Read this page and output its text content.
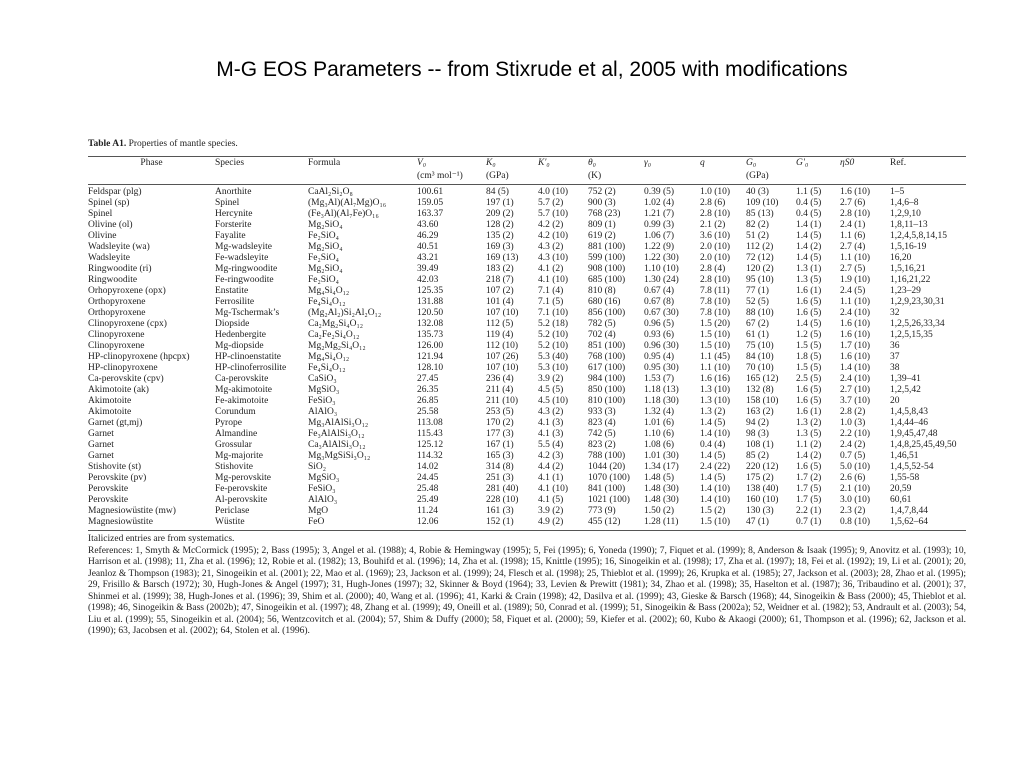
M-G EOS Parameters -- from Stixrude et al, 2005 with modifications
Table A1. Properties of mantle species.
Phase	Species	Formula	V₀	K₀	K′₀	θ₀	γ₀	q	G₀	G′₀	ηS0	Ref.
			(cm³ mol⁻¹)	(GPa)		(K)			(GPa)			
Feldspar (plg)	Anorthite	CaAl₂Si₂O₈	100.61	84 (5)	4.0 (10)	752 (2)	0.39 (5)	1.0 (10)	40 (3)	1.1 (5)	1.6 (10)	1–5
Spinel (sp)	Spinel	(Mg₃Al)(Al₇Mg)O₁₆	159.05	197 (1)	5.7 (2)	900 (3)	1.02 (4)	2.8 (6)	109 (10)	0.4 (5)	2.7 (6)	1,4,6–8
Spinel	Hercynite	(Fe₃Al)(Al₇Fe)O₁₆	163.37	209 (2)	5.7 (10)	768 (23)	1.21 (7)	2.8 (10)	85 (13)	0.4 (5)	2.8 (10)	1,2,9,10
Olivine (ol)	Forsterite	Mg₂SiO₄	43.60	128 (2)	4.2 (2)	809 (1)	0.99 (3)	2.1 (2)	82 (2)	1.4 (1)	2.4 (1)	1,8,11–13
Olivine	Fayalite	Fe₂SiO₄	46.29	135 (2)	4.2 (10)	619 (2)	1.06 (7)	3.6 (10)	51 (2)	1.4 (5)	1.1 (6)	1,2,4,5,8,14,15
Wadsleyite (wa)	Mg-wadsleyite	Mg₂SiO₄	40.51	169 (3)	4.3 (2)	881 (100)	1.22 (9)	2.0 (10)	112 (2)	1.4 (2)	2.7 (4)	1,5,16-19
Wadsleyite	Fe-wadsleyite	Fe₂SiO₄	43.21	169 (13)	4.3 (10)	599 (100)	1.22 (30)	2.0 (10)	72 (12)	1.4 (5)	1.1 (10)	16,20
Ringwoodite (ri)	Mg-ringwoodite	Mg₂SiO₄	39.49	183 (2)	4.1 (2)	908 (100)	1.10 (10)	2.8 (4)	120 (2)	1.3 (1)	2.7 (5)	1,5,16,21
Ringwoodite	Fe-ringwoodite	Fe₂SiO₄	42.03	218 (7)	4.1 (10)	685 (100)	1.30 (24)	2.8 (10)	95 (10)	1.3 (5)	1.9 (10)	1,16,21,22
Orhopyroxene (opx)	Enstatite	Mg₄Si₄O₁₂	125.35	107 (2)	7.1 (4)	810 (8)	0.67 (4)	7.8 (11)	77 (1)	1.6 (1)	2.4 (5)	1,23–29
Orthopyroxene	Ferrosilite	Fe₄Si₄O₁₂	131.88	101 (4)	7.1 (5)	680 (16)	0.67 (8)	7.8 (10)	52 (5)	1.6 (5)	1.1 (10)	1,2,9,23,30,31
Orthopyroxene	Mg-Tschermak’s	(Mg₂Al₂)Si₂Al₂O₁₂	120.50	107 (10)	7.1 (10)	856 (100)	0.67 (30)	7.8 (10)	88 (10)	1.6 (5)	2.4 (10)	32
Clinopyroxene (cpx)	Diopside	Ca₂Mg₂Si₄O₁₂	132.08	112 (5)	5.2 (18)	782 (5)	0.96 (5)	1.5 (20)	67 (2)	1.4 (5)	1.6 (10)	1,2,5,26,33,34
Clinopyroxene	Hedenbergite	Ca₂Fe₂Si₄O₁₂	135.73	119 (4)	5.2 (10)	702 (4)	0.93 (6)	1.5 (10)	61 (1)	1.2 (5)	1.6 (10)	1,2,5,15,35
Clinopyroxene	Mg-diopside	Mg₂Mg₂Si₄O₁₂	126.00	112 (10)	5.2 (10)	851 (100)	0.96 (30)	1.5 (10)	75 (10)	1.5 (5)	1.7 (10)	36
HP-clinopyroxene (hpcpx)	HP-clinoenstatite	Mg₄Si₄O₁₂	121.94	107 (26)	5.3 (40)	768 (100)	0.95 (4)	1.1 (45)	84 (10)	1.8 (5)	1.6 (10)	37
HP-clinopyroxene	HP-clinoferrosilite	Fe₄Si₄O₁₂	128.10	107 (10)	5.3 (10)	617 (100)	0.95 (30)	1.1 (10)	70 (10)	1.5 (5)	1.4 (10)	38
Ca-perovskite (cpv)	Ca-perovskite	CaSiO₃	27.45	236 (4)	3.9 (2)	984 (100)	1.53 (7)	1.6 (16)	165 (12)	2.5 (5)	2.4 (10)	1,39–41
Akimotoite (ak)	Mg-akimotoite	MgSiO₃	26.35	211 (4)	4.5 (5)	850 (100)	1.18 (13)	1.3 (10)	132 (8)	1.6 (5)	2.7 (10)	1,2,5,42
Akimotoite	Fe-akimotoite	FeSiO₃	26.85	211 (10)	4.5 (10)	810 (100)	1.18 (30)	1.3 (10)	158 (10)	1.6 (5)	3.7 (10)	20
Akimotoite	Corundum	AlAlO₃	25.58	253 (5)	4.3 (2)	933 (3)	1.32 (4)	1.3 (2)	163 (2)	1.6 (1)	2.8 (2)	1,4,5,8,43
Garnet (gt,mj)	Pyrope	Mg₃AlAlSi₃O₁₂	113.08	170 (2)	4.1 (3)	823 (4)	1.01 (6)	1.4 (5)	94 (2)	1.3 (2)	1.0 (3)	1,4,44–46
Garnet	Almandine	Fe₃AlAlSi₃O₁₂	115.43	177 (3)	4.1 (3)	742 (5)	1.10 (6)	1.4 (10)	98 (3)	1.3 (5)	2.2 (10)	1,9,45,47,48
Garnet	Grossular	Ca₃AlAlSi₃O₁₂	125.12	167 (1)	5.5 (4)	823 (2)	1.08 (6)	0.4 (4)	108 (1)	1.1 (2)	2.4 (2)	1,4,8,25,45,49,50
Garnet	Mg-majorite	Mg₃MgSiSi₃O₁₂	114.32	165 (3)	4.2 (3)	788 (100)	1.01 (30)	1.4 (5)	85 (2)	1.4 (2)	0.7 (5)	1,46,51
Stishovite (st)	Stishovite	SiO₂	14.02	314 (8)	4.4 (2)	1044 (20)	1.34 (17)	2.4 (22)	220 (12)	1.6 (5)	5.0 (10)	1,4,5,52-54
Perovskite (pv)	Mg-perovskite	MgSiO₃	24.45	251 (3)	4.1 (1)	1070 (100)	1.48 (5)	1.4 (5)	175 (2)	1.7 (2)	2.6 (6)	1,55-58
Perovskite	Fe-perovskite	FeSiO₃	25.48	281 (40)	4.1 (10)	841 (100)	1.48 (30)	1.4 (10)	138 (40)	1.7 (5)	2.1 (10)	20,59
Perovskite	Al-perovskite	AlAlO₃	25.49	228 (10)	4.1 (5)	1021 (100)	1.48 (30)	1.4 (10)	160 (10)	1.7 (5)	3.0 (10)	60,61
Magnesiowüstite (mw)	Periclase	MgO	11.24	161 (3)	3.9 (2)	773 (9)	1.50 (2)	1.5 (2)	130 (3)	2.2 (1)	2.3 (2)	1,4,7,8,44
Magnesiowüstite	Wüstite	FeO	12.06	152 (1)	4.9 (2)	455 (12)	1.28 (11)	1.5 (10)	47 (1)	0.7 (1)	0.8 (10)	1,5,62–64
Italicized entries are from systematics.
References: 1, Smyth & McCormick (1995); 2, Bass (1995); 3, Angel et al. (1988); 4, Robie & Hemingway (1995); 5, Fei (1995); 6, Yoneda (1990); 7, Fiquet et al. (1999); 8, Anderson & Isaak (1995); 9, Anovitz et al. (1993); 10, Harrison et al. (1998); 11, Zha et al. (1996); 12, Robie et al. (1982); 13, Bouhifd et al. (1996); 14, Zha et al. (1998); 15, Knittle (1995); 16, Sinogeikin et al. (1998); 17, Zha et al. (1997); 18, Fei et al. (1992); 19, Li et al. (2001); 20, Jeanloz & Thompson (1983); 21, Sinogeikin et al. (2001); 22, Mao et al. (1969); 23, Jackson et al. (1999); 24, Flesch et al. (1998); 25, Thieblot et al. (1999); 26, Krupka et al. (1985); 27, Jackson et al. (2003); 28, Zhao et al. (1995); 29, Frisillo & Barsch (1972); 30, Hugh-Jones & Angel (1997); 31, Hugh-Jones (1997); 32, Skinner & Boyd (1964); 33, Levien & Prewitt (1981); 34, Zhao et al. (1998); 35, Haselton et al. (1987); 36, Tribaudino et al. (2001); 37, Shinmei et al. (1999); 38, Hugh-Jones et al. (1996); 39, Shim et al. (2000); 40, Wang et al. (1996); 41, Karki & Crain (1998); 42, Dasilva et al. (1999); 43, Gieske & Barsch (1968); 44, Sinogeikin & Bass (2000); 45, Thieblot et al. (1998); 46, Sinogeikin & Bass (2002b); 47, Sinogeikin et al. (1997); 48, Zhang et al. (1999); 49, Oneill et al. (1989); 50, Conrad et al. (1999); 51, Sinogeikin & Bass (2002a); 52, Weidner et al. (1982); 53, Andrault et al. (2003); 54, Liu et al. (1999); 55, Sinogeikin et al. (2004); 56, Wentzcovitch et al. (2004); 57, Shim & Duffy (2000); 58, Fiquet et al. (2000); 59, Kiefer et al. (2002); 60, Kubo & Akaogi (2000); 61, Thompson et al. (1996); 62, Jackson et al. (1990); 63, Jacobsen et al. (2002); 64, Stolen et al. (1996).
